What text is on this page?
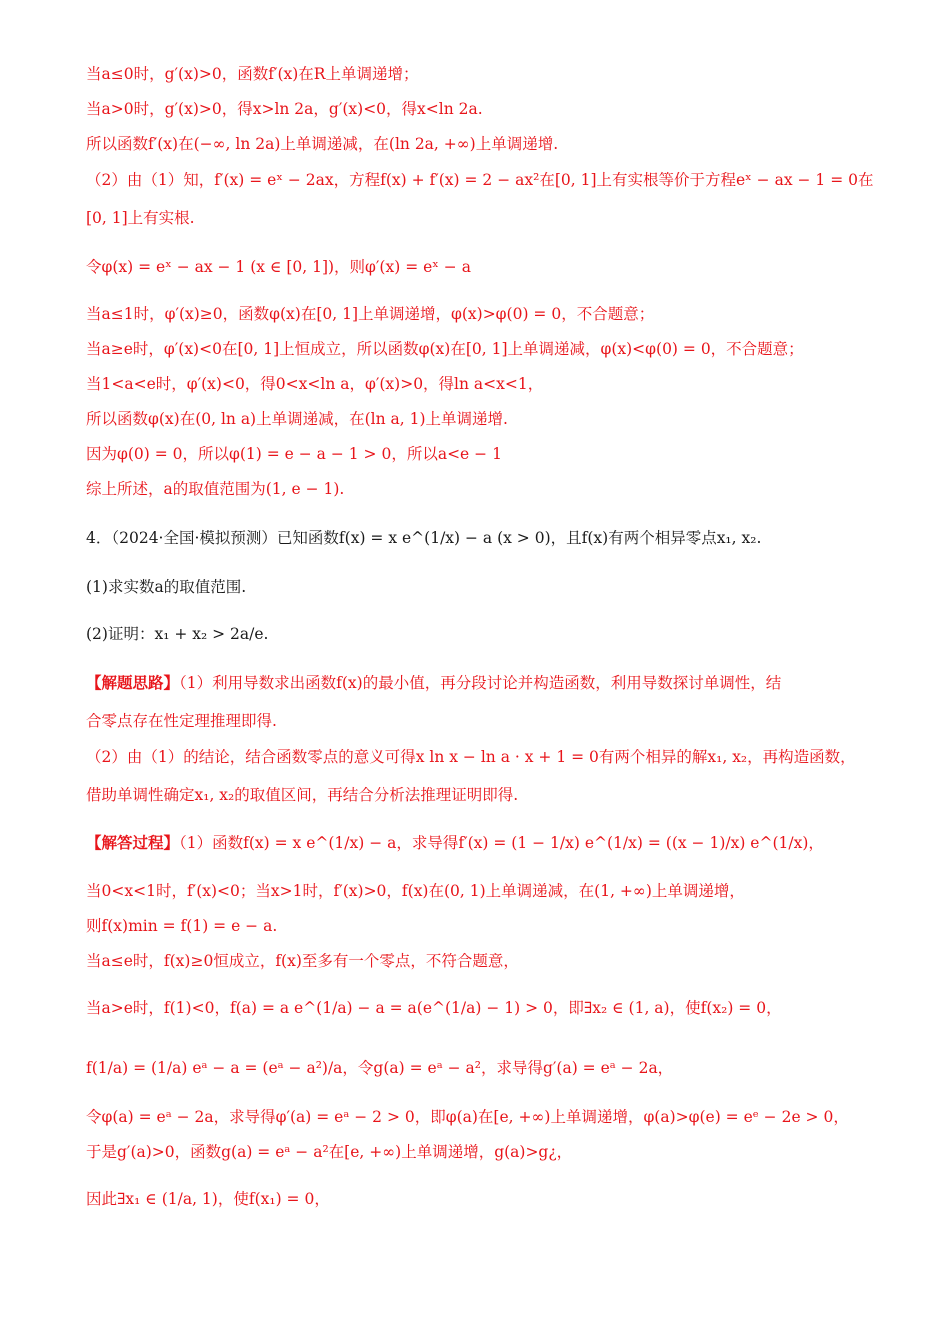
当a≤0时，g′(x)>0，函数f′(x)在R上单调递增；
当a>0时，g′(x)>0，得x>ln 2a，g′(x)<0，得x<ln 2a.
所以函数f′(x)在(−∞, ln 2a)上单调递减，在(ln 2a, +∞)上单调递增.
（2）由（1）知，f′(x) = eˣ − 2ax，方程f(x) + f′(x) = 2 − ax²在[0, 1]上有实根等价于方程eˣ − ax − 1 = 0在
[0, 1]上有实根.
令φ(x) = eˣ − ax − 1 (x ∈ [0, 1])，则φ′(x) = eˣ − a
当a≤1时，φ′(x)≥0，函数φ(x)在[0, 1]上单调递增，φ(x)>φ(0) = 0，不合题意；
当a≥e时，φ′(x)<0在[0, 1]上恒成立，所以函数φ(x)在[0, 1]上单调递减，φ(x)<φ(0) = 0，不合题意；
当1<a<e时，φ′(x)<0，得0<x<ln a，φ′(x)>0，得ln a<x<1，
所以函数φ(x)在(0, ln a)上单调递减，在(ln a, 1)上单调递增.
因为φ(0) = 0，所以φ(1) = e − a − 1 > 0，所以a<e − 1
综上所述，a的取值范围为(1, e − 1).
4．（2024·全国·模拟预测）已知函数f(x) = x e^(1/x) − a (x > 0)，且f(x)有两个相异零点x₁, x₂.
(1)求实数a的取值范围.
(2)证明：x₁ + x₂ > 2a/e.
【解题思路】（1）利用导数求出函数f(x)的最小值，再分段讨论并构造函数，利用导数探讨单调性，结
合零点存在性定理推理即得.
（2）由（1）的结论，结合函数零点的意义可得x ln x − ln a · x + 1 = 0有两个相异的解x₁, x₂，再构造函数，
借助单调性确定x₁, x₂的取值区间，再结合分析法推理证明即得.
【解答过程】（1）函数f(x) = x e^(1/x) − a，求导得f′(x) = (1 − 1/x) e^(1/x) = ((x − 1)/x) e^(1/x)，
当0<x<1时，f′(x)<0；当x>1时，f′(x)>0，f(x)在(0, 1)上单调递减，在(1, +∞)上单调递增，
则f(x)min = f(1) = e − a.
当a≤e时，f(x)≥0恒成立，f(x)至多有一个零点，不符合题意，
当a>e时，f(1)<0，f(a) = a e^(1/a) − a = a(e^(1/a) − 1) > 0，即∃x₂ ∈ (1, a)，使f(x₂) = 0，
f(1/a) = (1/a) eᵃ − a = (eᵃ − a²)/a，令g(a) = eᵃ − a²，求导得g′(a) = eᵃ − 2a，
令φ(a) = eᵃ − 2a，求导得φ′(a) = eᵃ − 2 > 0，即φ(a)在[e, +∞)上单调递增，φ(a)>φ(e) = eᵉ − 2e > 0，
于是g′(a)>0，函数g(a) = eᵃ − a²在[e, +∞)上单调递增，g(a)>g¿，
因此∃x₁ ∈ (1/a, 1)，使f(x₁) = 0，
